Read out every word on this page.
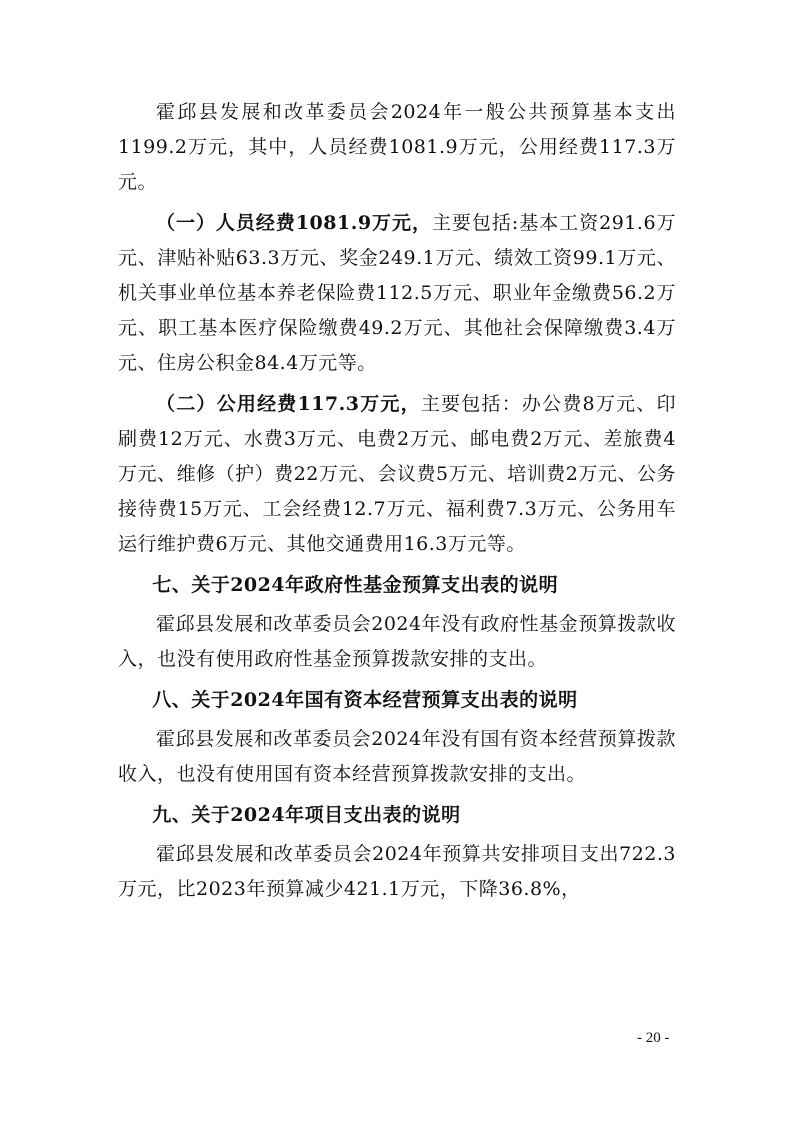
霍邱县发展和改革委员会2024年一般公共预算基本支出1199.2万元，其中，人员经费1081.9万元，公用经费117.3万元。

（一）人员经费1081.9万元，主要包括:基本工资291.6万元、津贴补贴63.3万元、奖金249.1万元、绩效工资99.1万元、机关事业单位基本养老保险费112.5万元、职业年金缴费56.2万元、职工基本医疗保险缴费49.2万元、其他社会保障缴费3.4万元、住房公积金84.4万元等。

（二）公用经费117.3万元，主要包括：办公费8万元、印刷费12万元、水费3万元、电费2万元、邮电费2万元、差旅费4万元、维修（护）费22万元、会议费5万元、培训费2万元、公务接待费15万元、工会经费12.7万元、福利费7.3万元、公务用车运行维护费6万元、其他交通费用16.3万元等。

七、关于2024年政府性基金预算支出表的说明

霍邱县发展和改革委员会2024年没有政府性基金预算拨款收入，也没有使用政府性基金预算拨款安排的支出。

八、关于2024年国有资本经营预算支出表的说明

霍邱县发展和改革委员会2024年没有国有资本经营预算拨款收入，也没有使用国有资本经营预算拨款安排的支出。

九、关于2024年项目支出表的说明

霍邱县发展和改革委员会2024年预算共安排项目支出722.3万元，比2023年预算减少421.1万元，下降36.8%，

- 20 -
